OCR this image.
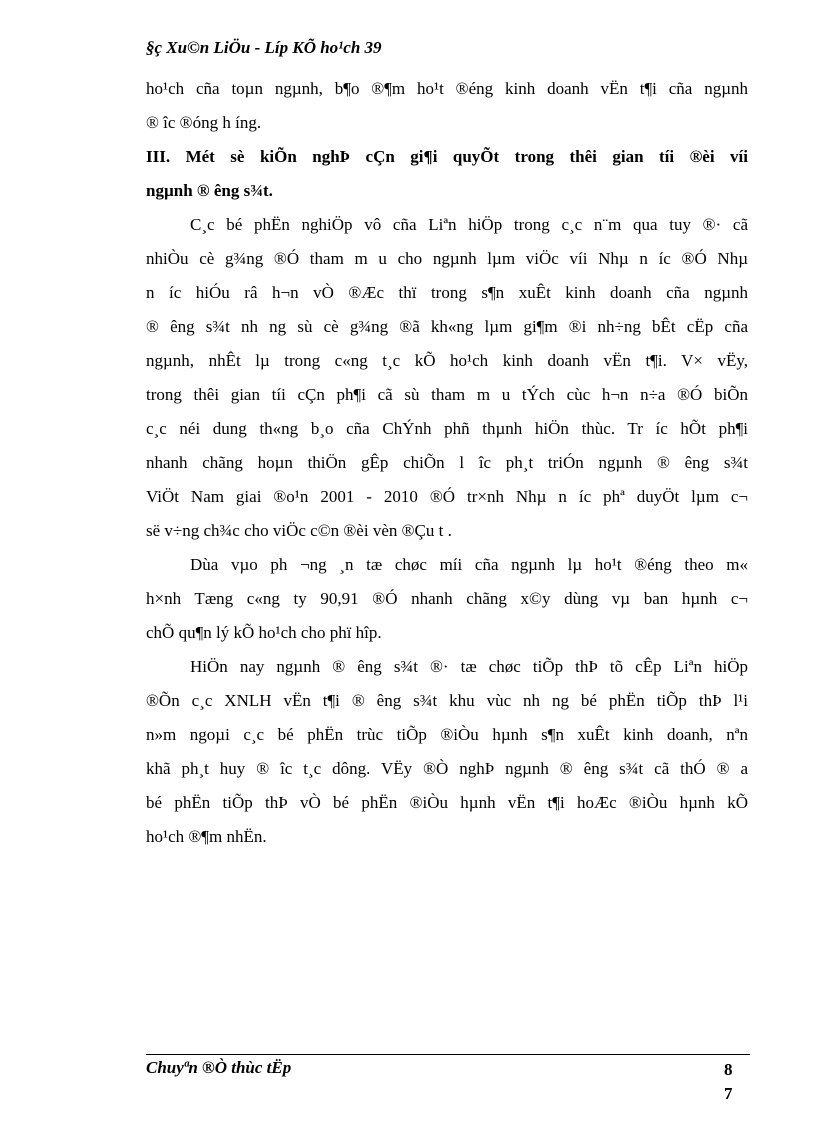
§ç Xu©n LiÖu - Líp KÕ ho¹ch 39
ho¹ch cña toµn ngµnh, b¶o ®¶m ho¹t ®éng kinh doanh vËn t¶i cña ngµnh
® îc ®óng h íng.
III. Mét sè kiÕn nghÞ cÇn gi¶i quyÕt trong thêi gian tíi ®èi víi
ngµnh ® êng s¾t.
C¸c bé phËn nghiÖp vô cña Liªn hiÖp trong c¸c n¨m qua tuy ®· cã
nhiÒu cè g¾ng ®Ó tham m u cho ngµnh lµm viÖc víi Nhµ n íc ®Ó Nhµ
n íc hiÓu râ h¬n vÒ ®Æc thï trong s¶n xuÊt kinh doanh cña ngµnh
® êng s¾t nh ng sù cè g¾ng ®ã kh«ng lµm gi¶m ®i nh÷ng bÊt cËp cña
ngµnh, nhÊt lµ trong c«ng t¸c kÕ ho¹ch kinh doanh vËn t¶i. V× vËy,
trong thêi gian tíi cÇn ph¶i cã sù tham m u tÝch cùc h¬n n÷a ®Ó biÕn
c¸c néi dung th«ng b¸o cña ChÝnh phñ thµnh hiÖn thùc. Tr íc hÕt ph¶i
nhanh chãng hoµn thiÖn gÊp chiÕn l îc ph¸t triÓn ngµnh ® êng s¾t
ViÖt Nam giai ®o¹n 2001 - 2010 ®Ó tr×nh Nhµ n íc phª duyÖt lµm c¬
së v÷ng ch¾c cho viÖc c©n ®èi vèn ®Çu t .
Dùa vµo ph ¬ng ¸n tæ chøc míi cña ngµnh lµ ho¹t ®éng theo m«
h×nh Tæng c«ng ty 90,91 ®Ó nhanh chãng x©y dùng vµ ban hµnh c¬
chÕ qu¶n lý kÕ ho¹ch cho phï hîp.
HiÖn nay ngµnh ® êng s¾t ®· tæ chøc tiÕp thÞ tõ cÊp Liªn hiÖp
®Õn c¸c XNLH vËn t¶i ® êng s¾t khu vùc nh ng bé phËn tiÕp thÞ l¹i
n»m ngoµi c¸c bé phËn trùc tiÕp ®iÒu hµnh s¶n xuÊt kinh doanh, nªn
khã ph¸t huy ® îc t¸c dông. VËy ®Ò nghÞ ngµnh ® êng s¾t cã thÓ ® a
bé phËn tiÕp thÞ vÒ bé phËn ®iÒu hµnh vËn t¶i hoÆc ®iÒu hµnh kÕ
ho¹ch ®¶m nhËn.
Chuyªn ®Ò thùc tËp	8
7
